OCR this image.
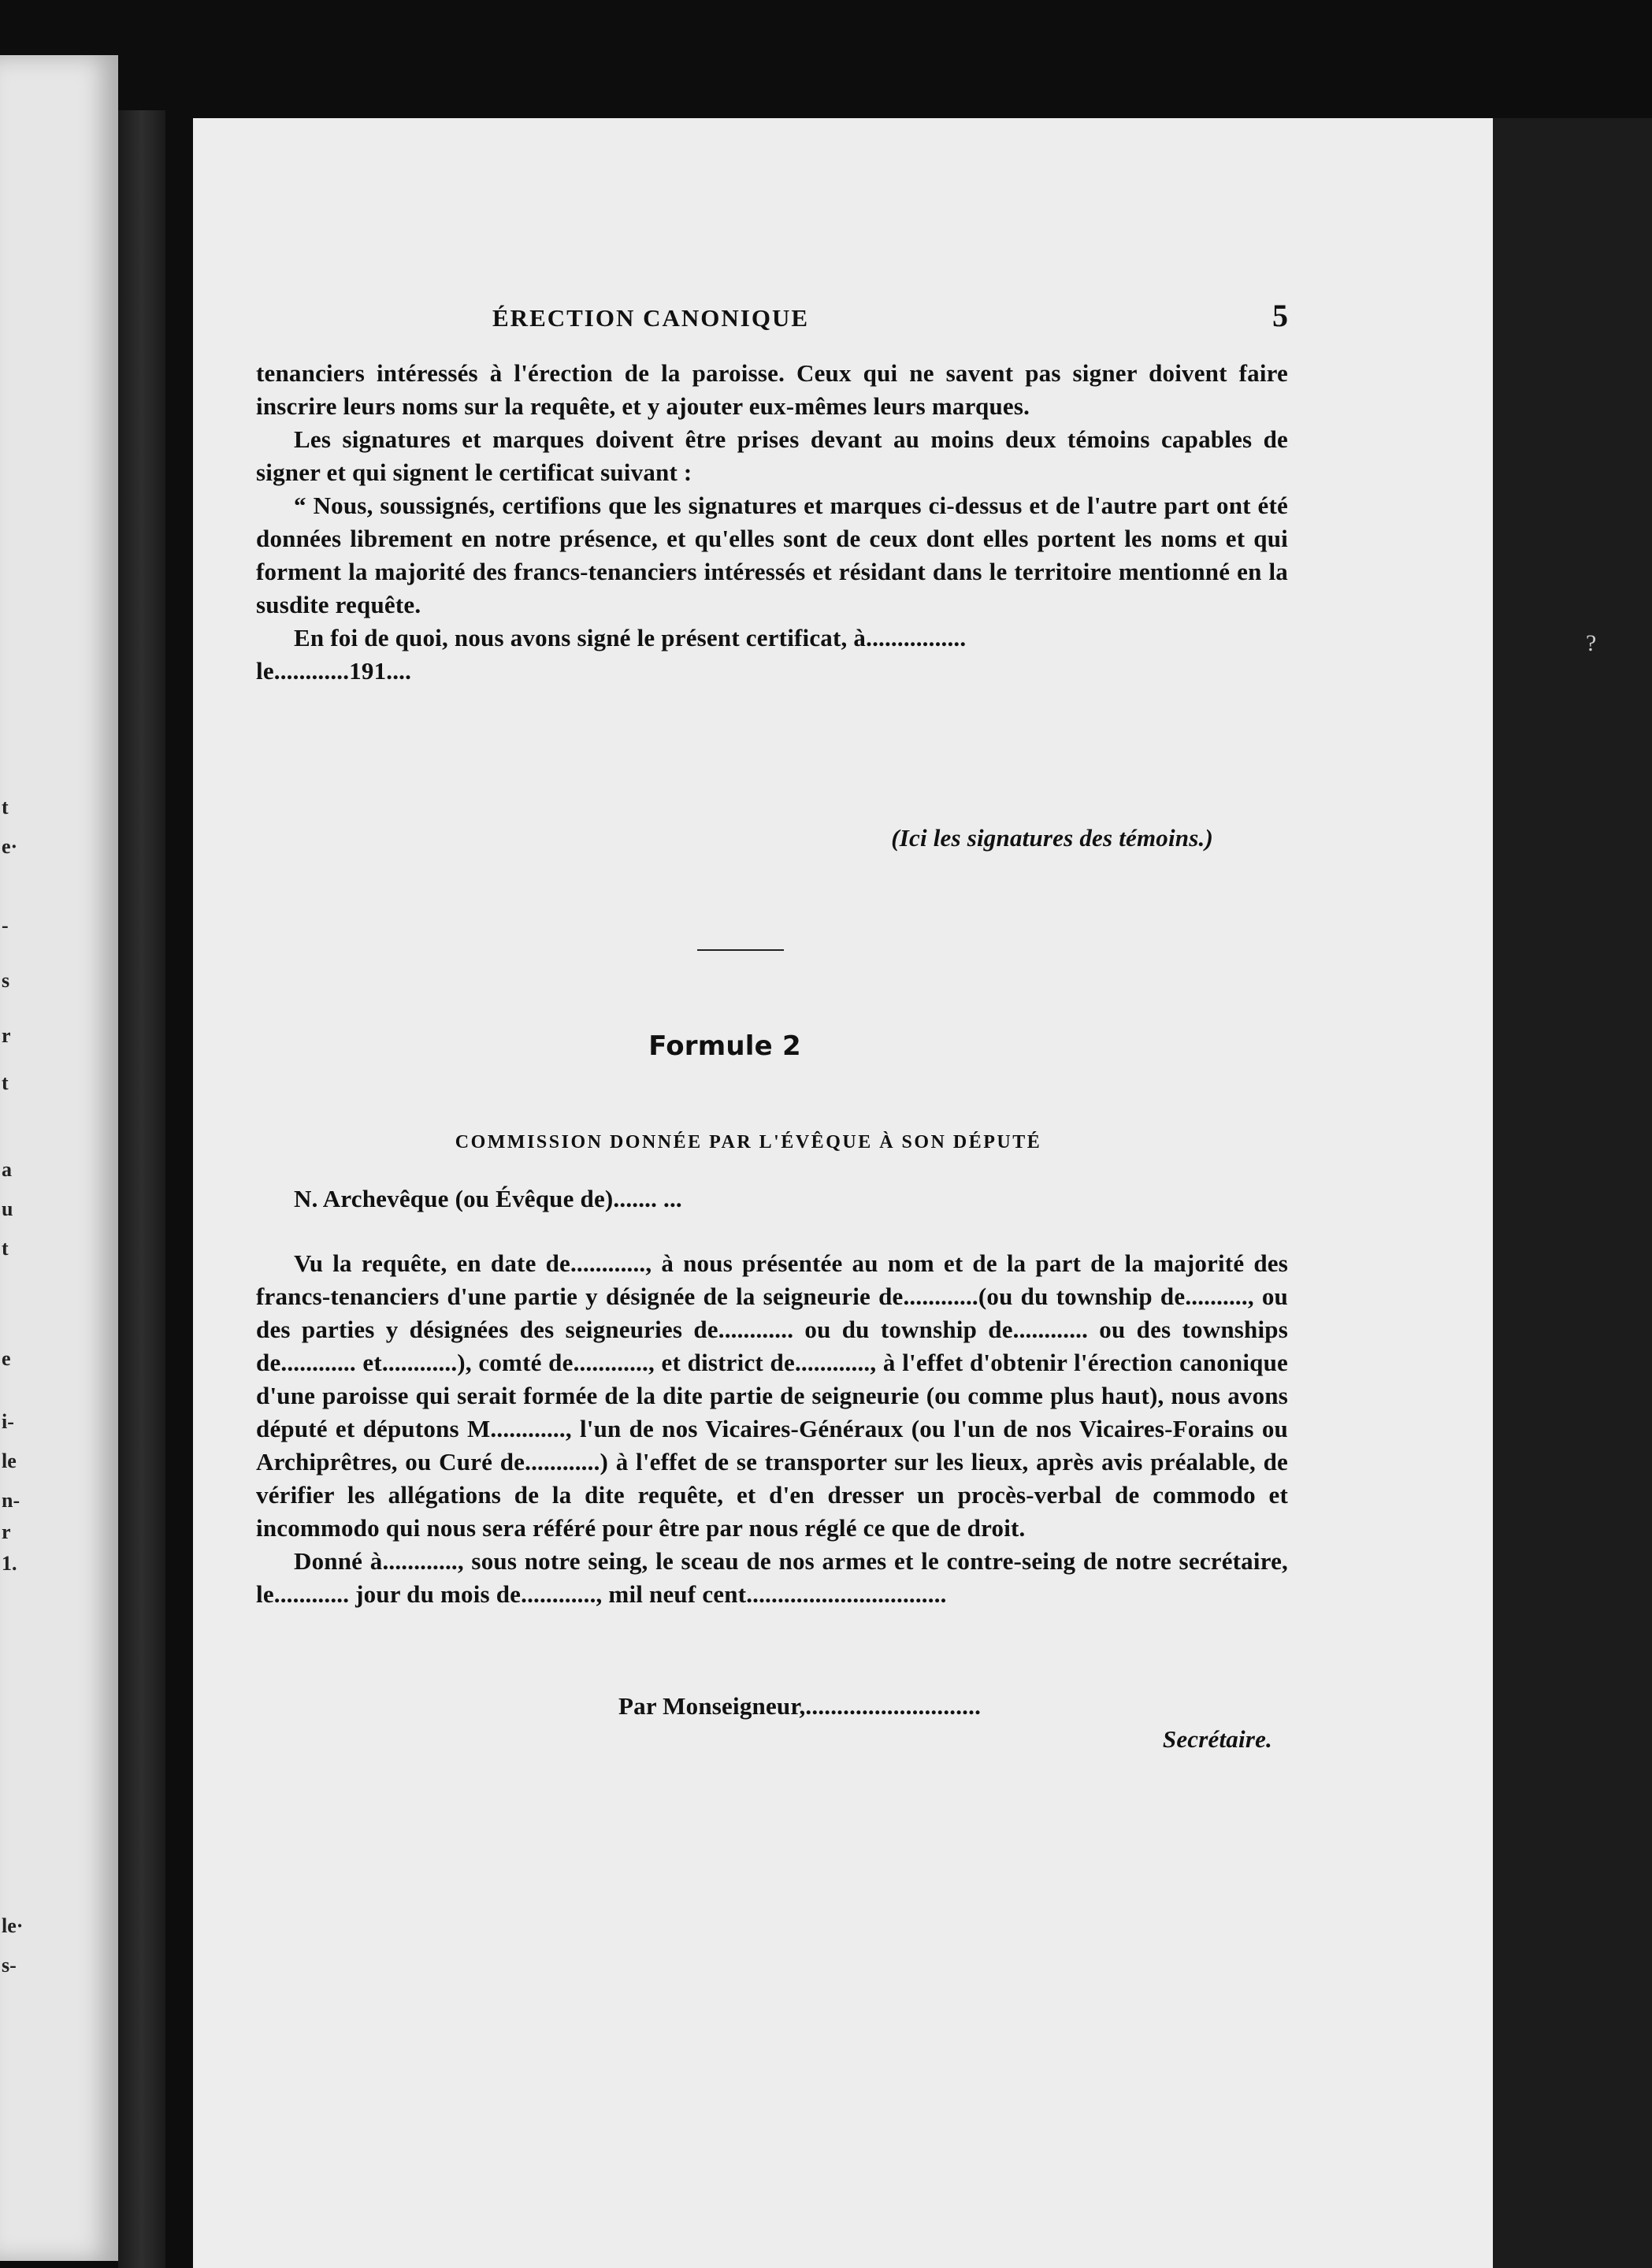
t
e·
-
s
r
t
a
u
t
e
i-
le
n-
r
1.
le·
s-
ÉRECTION CANONIQUE	5

tenanciers intéressés à l'érection de la paroisse. Ceux qui ne savent pas signer doivent faire inscrire leurs noms sur la requête, et y ajouter eux-mêmes leurs marques.

Les signatures et marques doivent être prises devant au moins deux témoins capables de signer et qui signent le certificat suivant :

“ Nous, soussignés, certifions que les signatures et marques ci-dessus et de l'autre part ont été données librement en notre présence, et qu'elles sont de ceux dont elles portent les noms et qui forment la majorité des francs-tenanciers intéressés et résidant dans le territoire mentionné en la susdite requête.

En foi de quoi, nous avons signé le présent certificat, à................

le............191....

(Ici les signatures des témoins.)

Formule 2
COMMISSION DONNÉE PAR L'ÉVÊQUE À SON DÉPUTÉ

N. Archevêque (ou Évêque de)....... ...

Vu la requête, en date de............, à nous présentée au nom et de la part de la majorité des francs-tenanciers d'une partie y désignée de la seigneurie de............(ou du township de.........., ou des parties y désignées des seigneuries de............ ou du township de............ ou des townships de............ et............), comté de............, et district de............, à l'effet d'obtenir l'érection canonique d'une paroisse qui serait formée de la dite partie de seigneurie (ou comme plus haut), nous avons député et députons M............, l'un de nos Vicaires-Généraux (ou l'un de nos Vicaires-Forains ou Archiprêtres, ou Curé de............) à l'effet de se transporter sur les lieux, après avis préalable, de vérifier les allégations de la dite requête, et d'en dresser un procès-verbal de commodo et incommodo qui nous sera référé pour être par nous réglé ce que de droit.

Donné à............, sous notre seing, le sceau de nos armes et le contre-seing de notre secrétaire, le............ jour du mois de............, mil neuf cent................................

Par Monseigneur,............................

Secrétaire.

?
